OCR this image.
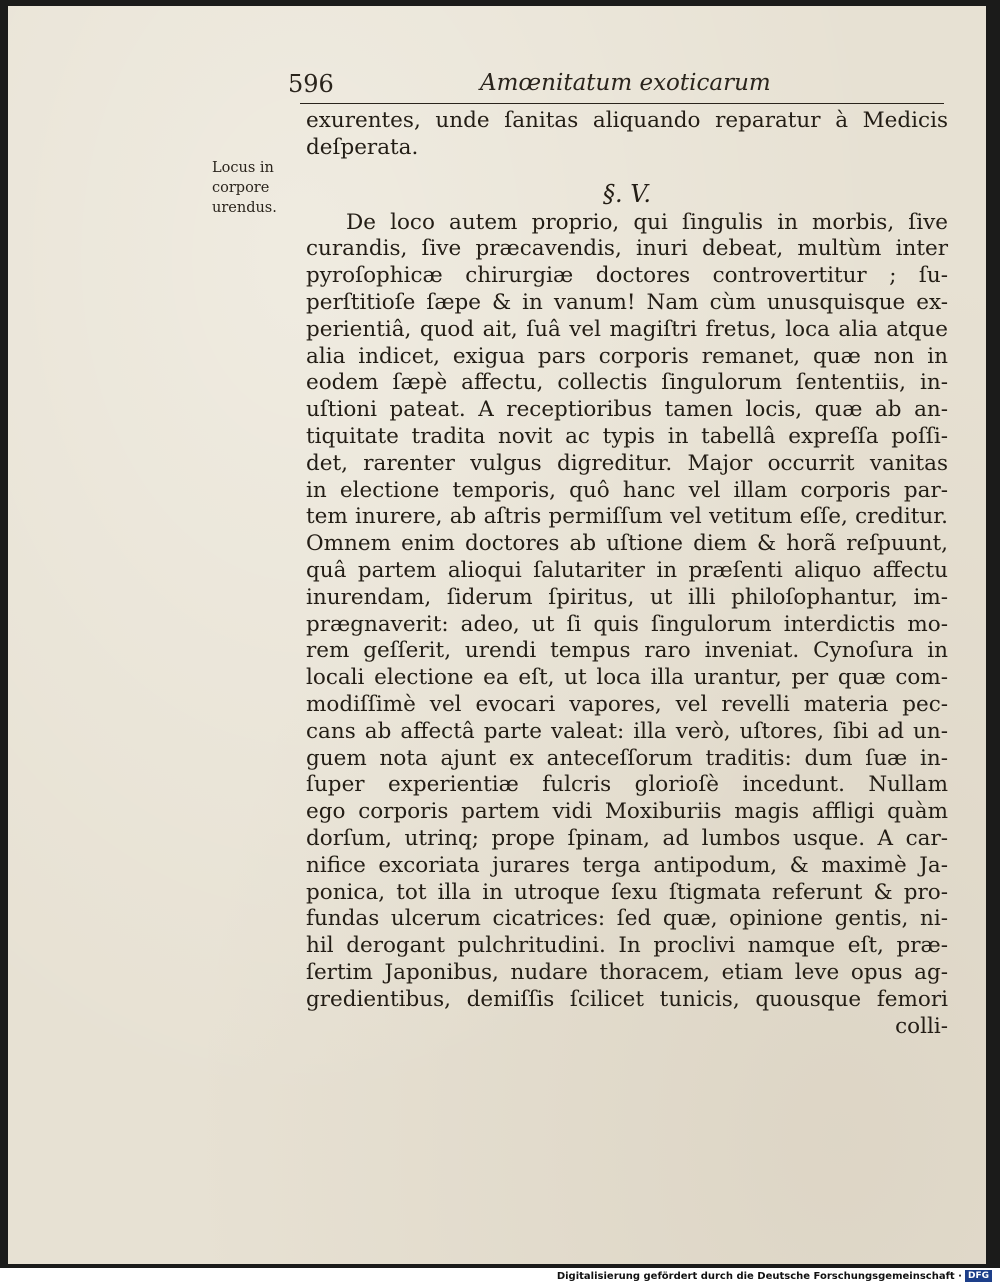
596	Amœnitatum exoticarum
Locus in
corpore
urendus.
§. V.
exurentes, unde ſanitas aliquando reparatur à Medicis
deſperata.
De loco autem proprio, qui ſingulis in morbis, ſive
curandis, ſive præcavendis, inuri debeat, multùm inter
pyroſophicæ chirurgiæ doctores controvertitur ; ſu-
perſtitioſe ſæpe & in vanum! Nam cùm unusquisque ex-
perientiâ, quod ait, ſuâ vel magiſtri fretus, loca alia atque
alia indicet, exigua pars corporis remanet, quæ non in
eodem ſæpè affectu, collectis ſingulorum ſententiis, in-
uſtioni pateat. A receptioribus tamen locis, quæ ab an-
tiquitate tradita novit ac typis in tabellâ expreſſa poſſi-
det, rarenter vulgus digreditur. Major occurrit vanitas
in electione temporis, quô hanc vel illam corporis par-
tem inurere, ab aſtris permiſſum vel vetitum eſſe, creditur.
Omnem enim doctores ab uſtione diem & horã reſpuunt,
quâ partem alioqui ſalutariter in præſenti aliquo affectu
inurendam, ſiderum ſpiritus, ut illi philoſophantur, im-
prægnaverit: adeo, ut ſi quis ſingulorum interdictis mo-
rem geſſerit, urendi tempus raro inveniat. Cynoſura in
locali electione ea eſt, ut loca illa urantur, per quæ com-
modiſſimè vel evocari vapores, vel revelli materia pec-
cans ab affectâ parte valeat: illa verò, uſtores, ſibi ad un-
guem nota ajunt ex anteceſſorum traditis: dum ſuæ in-
ſuper experientiæ fulcris glorioſè incedunt. Nullam
ego corporis partem vidi Moxiburiis magis affligi quàm
dorſum, utrinq; prope ſpinam, ad lumbos usque. A car-
nifice excoriata jurares terga antipodum, & maximè Ja-
ponica, tot illa in utroque ſexu ſtigmata referunt & pro-
fundas ulcerum cicatrices: ſed quæ, opinione gentis, ni-
hil derogant pulchritudini. In proclivi namque eſt, præ-
ſertim Japonibus, nudare thoracem, etiam leve opus ag-
gredientibus, demiſſis ſcilicet tunicis, quousque femori
colli-
Digitalisierung gefördert durch die Deutsche Forschungsgemeinschaft · DFG
